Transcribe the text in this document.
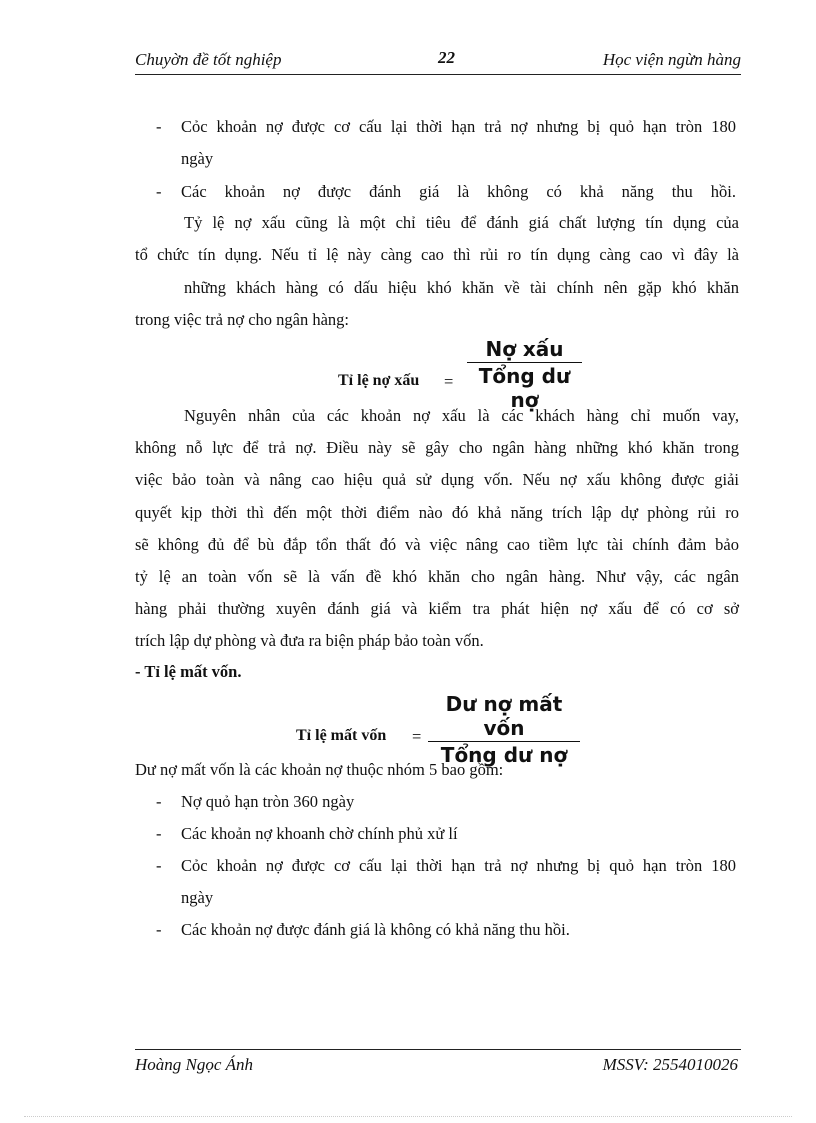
Chuyờn đề tốt nghiệp	22	Học viện ngừn hàng
- Cỏc khoản nợ được cơ cấu lại thời hạn trả nợ nhưng bị quỏ hạn tròn 180
ngày
- Các khoản nợ được đánh giá là không có khả năng thu hồi.
Tỷ lệ nợ xấu cũng là một chỉ tiêu để đánh giá chất lượng tín dụng của
tổ chức tín dụng. Nếu tỉ lệ này càng cao thì rủi ro tín dụng càng cao vì đây là
những khách hàng có dấu hiệu khó khăn về tài chính nên gặp khó khăn
trong việc trả nợ cho ngân hàng:
Tỉ lệ nợ xấu =
Nợ xấu
Tổng dư nợ
Nguyên nhân của các khoản nợ xấu là các khách hàng chỉ muốn vay,
không nỗ lực để trả nợ. Điều này sẽ gây cho ngân hàng những khó khăn trong
việc bảo toàn và nâng cao hiệu quả sử dụng vốn. Nếu nợ xấu không được giải
quyết kịp thời thì đến một thời điểm nào đó khả năng trích lập dự phòng rủi ro
sẽ không đủ để bù đắp tổn thất đó và việc nâng cao tiềm lực tài chính đảm bảo
tỷ lệ an toàn vốn sẽ là vấn đề khó khăn cho ngân hàng. Như vậy, các ngân
hàng phải thường xuyên đánh giá và kiểm tra phát hiện nợ xấu để có cơ sở
trích lập dự phòng và đưa ra biện pháp bảo toàn vốn.
- Tỉ lệ mất vốn.
Tỉ lệ mất vốn =
Dư nợ mất vốn
Tổng dư nợ
Dư nợ mất vốn là các khoản nợ thuộc nhóm 5 bao gồm:
- Nợ quỏ hạn tròn 360 ngày
- Các khoản nợ khoanh chờ chính phủ xử lí
- Cỏc khoản nợ được cơ cấu lại thời hạn trả nợ nhưng bị quỏ hạn tròn 180
ngày
- Các khoản nợ được đánh giá là không có khả năng thu hồi.
Hoàng Ngọc Ánh	MSSV: 2554010026
